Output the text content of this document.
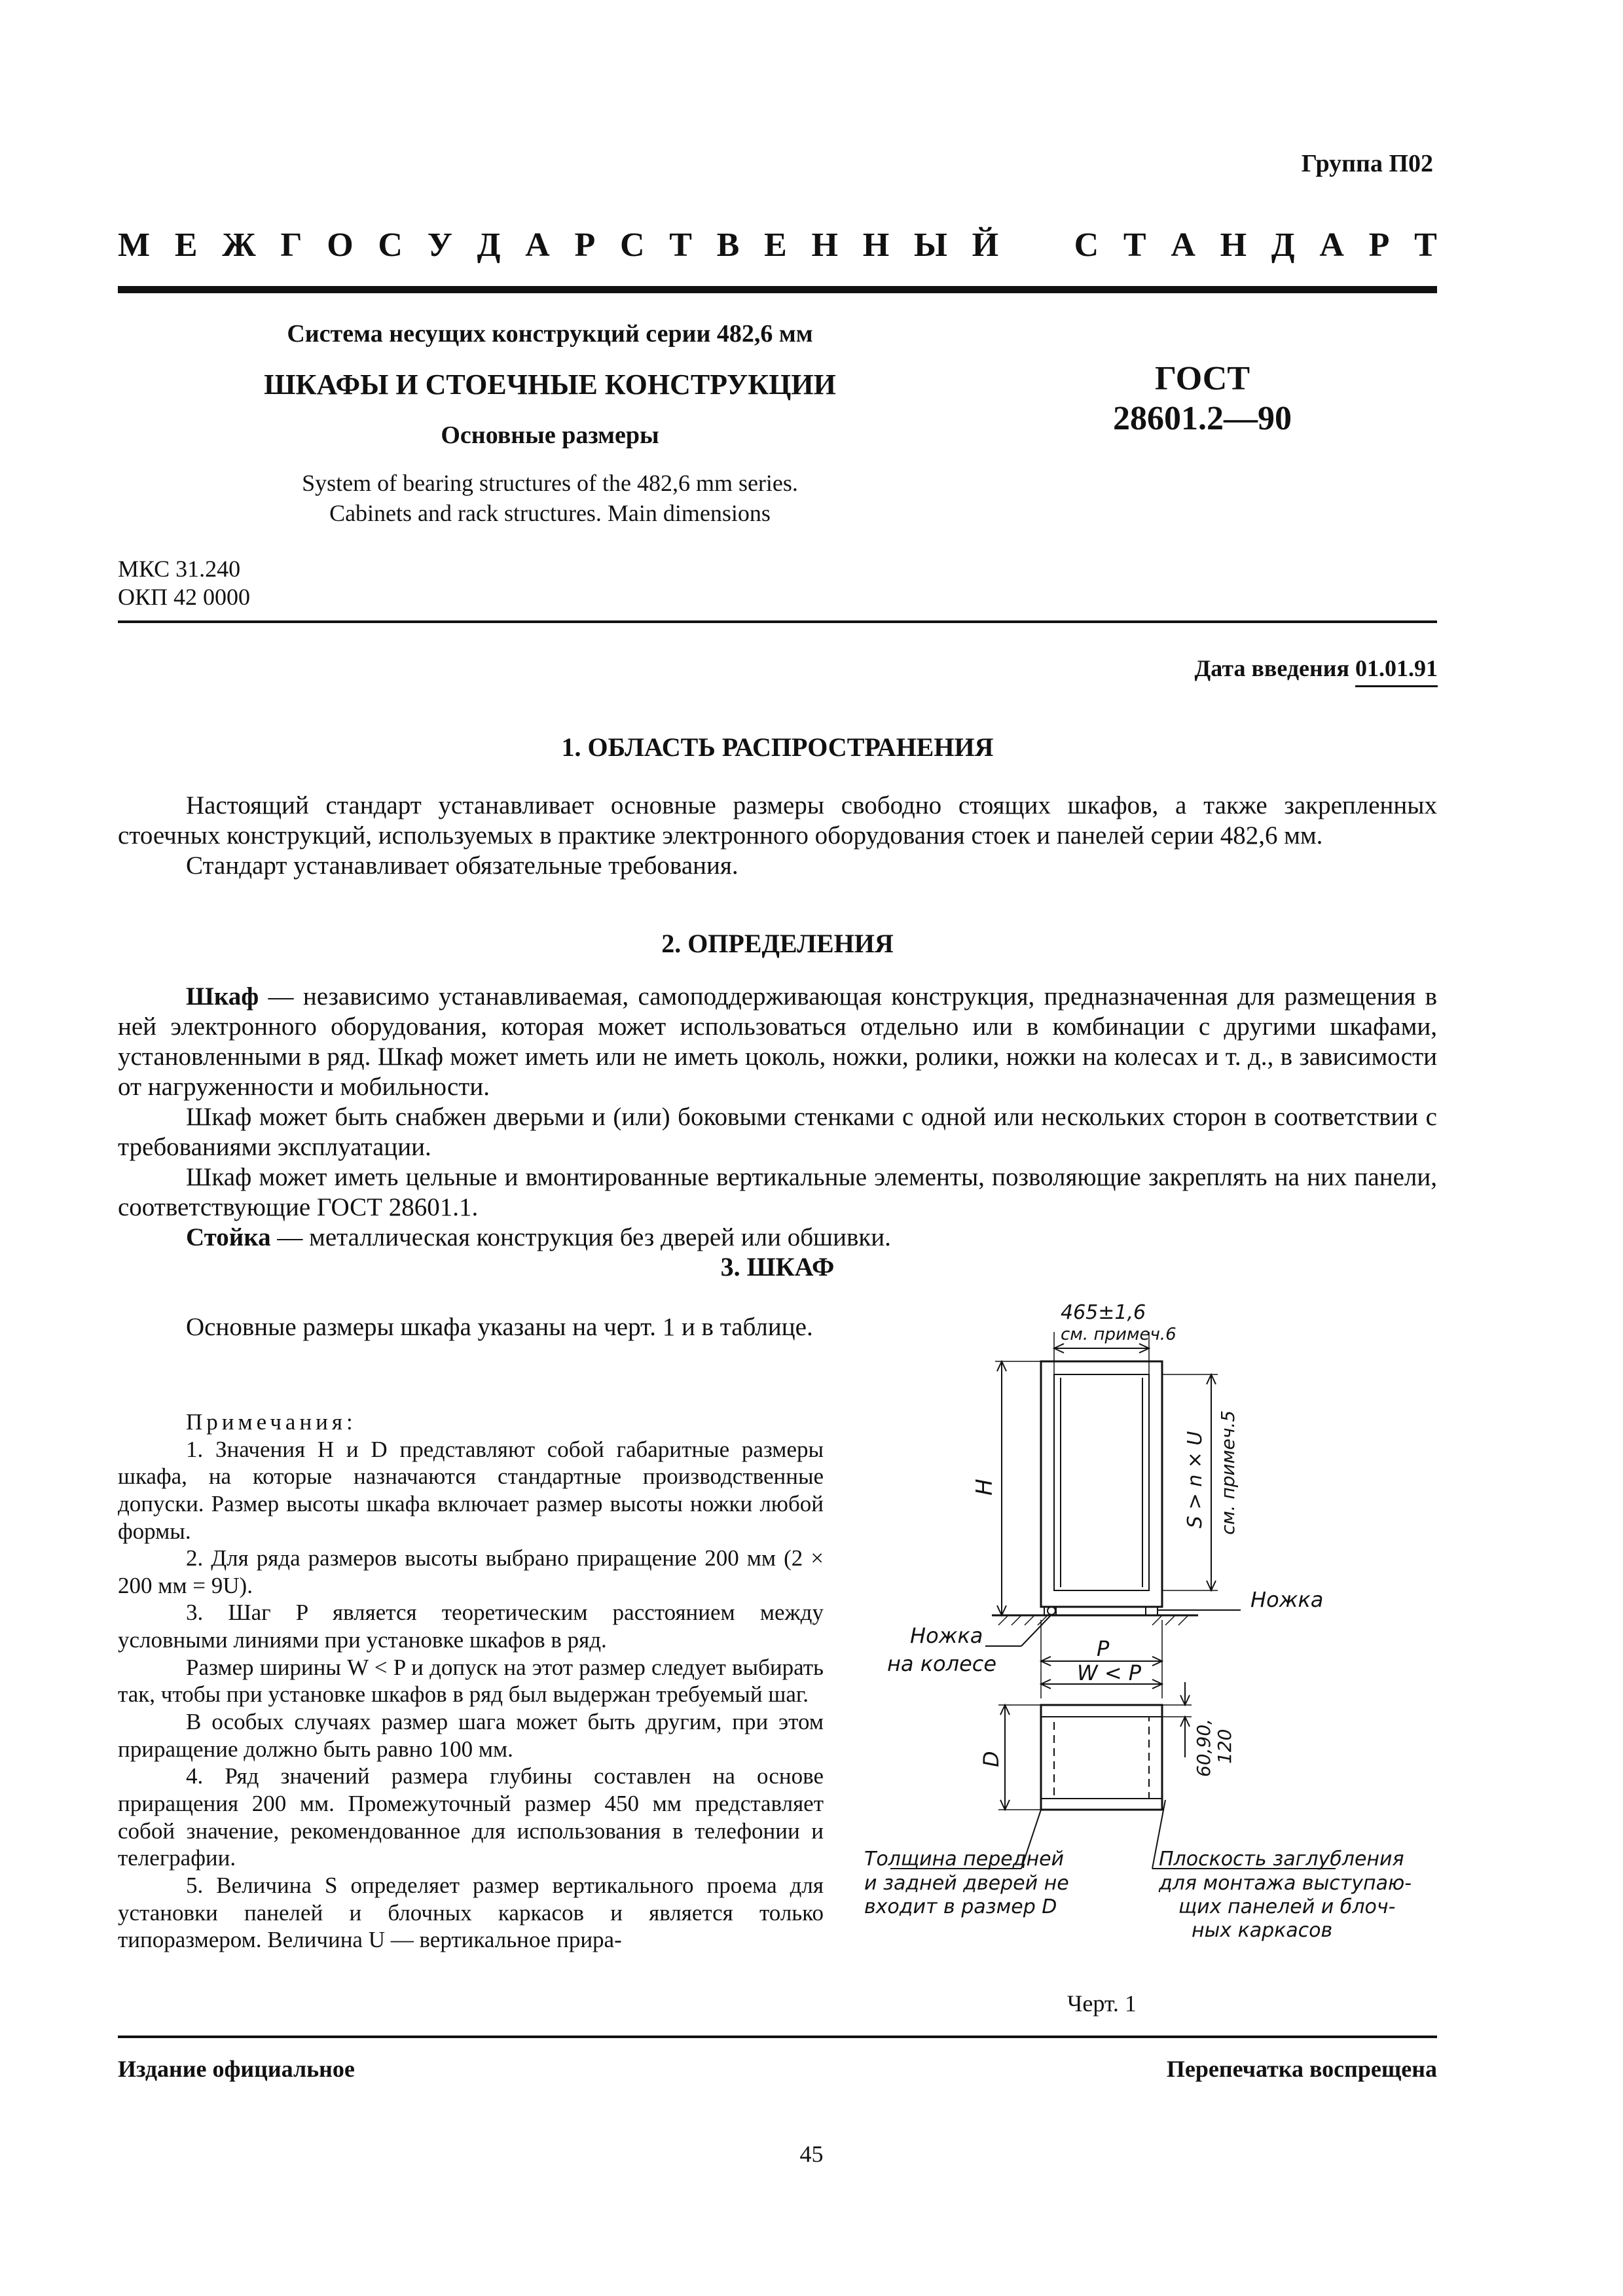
Группа П02
М Е Ж Г О С У Д А Р С Т В Е Н Н Ы Й С Т А Н Д А Р Т
Система несущих конструкций серии 482,6 мм
ШКАФЫ И СТОЕЧНЫЕ КОНСТРУКЦИИ
Основные размеры
ГОСТ
28601.2—90
System of bearing structures of the 482,6 mm series.
Cabinets and rack structures. Main dimensions
МКС 31.240
ОКП 42 0000
Дата введения 01.01.91
1. ОБЛАСТЬ РАСПРОСТРАНЕНИЯ

Настоящий стандарт устанавливает основные размеры свободно стоящих шкафов, а также закрепленных стоечных конструкций, используемых в практике электронного оборудования стоек и панелей серии 482,6 мм.

Стандарт устанавливает обязательные требования.

2. ОПРЕДЕЛЕНИЯ

Шкаф — независимо устанавливаемая, самоподдерживающая конструкция, предназначенная для размещения в ней электронного оборудования, которая может использоваться отдельно или в комбинации с другими шкафами, установленными в ряд. Шкаф может иметь или не иметь цоколь, ножки, ролики, ножки на колесах и т. д., в зависимости от нагруженности и мобильности.

Шкаф может быть снабжен дверьми и (или) боковыми стенками с одной или нескольких сторон в соответствии с требованиями эксплуатации.

Шкаф может иметь цельные и вмонтированные вертикальные элементы, позволяющие закреплять на них панели, соответствующие ГОСТ 28601.1.

Стойка — металлическая конструкция без дверей или обшивки.

3. ШКАФ

Основные размеры шкафа указаны на черт. 1 и в таблице.

Примечания:

1. Значения H и D представляют собой габаритные размеры шкафа, на которые назначаются стандартные производственные допуски. Размер высоты шкафа включает размер высоты ножки любой формы.

2. Для ряда размеров высоты выбрано приращение 200 мм (2 × 200 мм = 9U).

3. Шаг P является теоретическим расстоянием между условными линиями при установке шкафов в ряд.

Размер ширины W < P и допуск на этот размер следует выбирать так, чтобы при установке шкафов в ряд был выдержан требуемый шаг.

В особых случаях размер шага может быть другим, при этом приращение должно быть равно 100 мм.

4. Ряд значений размера глубины составлен на основе приращения 200 мм. Промежуточный размер 450 мм представляет собой значение, рекомендованное для использования в телефонии и телеграфии.

5. Величина S определяет размер вертикального проема для установки панелей и блочных каркасов и является только типоразмером. Величина U — вертикальное прира-

465±1,6
см. примеч.6
H	S > n × U см. примеч.5
Ножка
Ножка
на колесе
P
W < P
D	60,90, 120
Толщина передней
и задней дверей не
входит в размер D
Плоскость заглубления
для монтажа выступаю-
щих панелей и блоч-
ных каркасов
Черт. 1
Издание официальное	Перепечатка воспрещена
45
